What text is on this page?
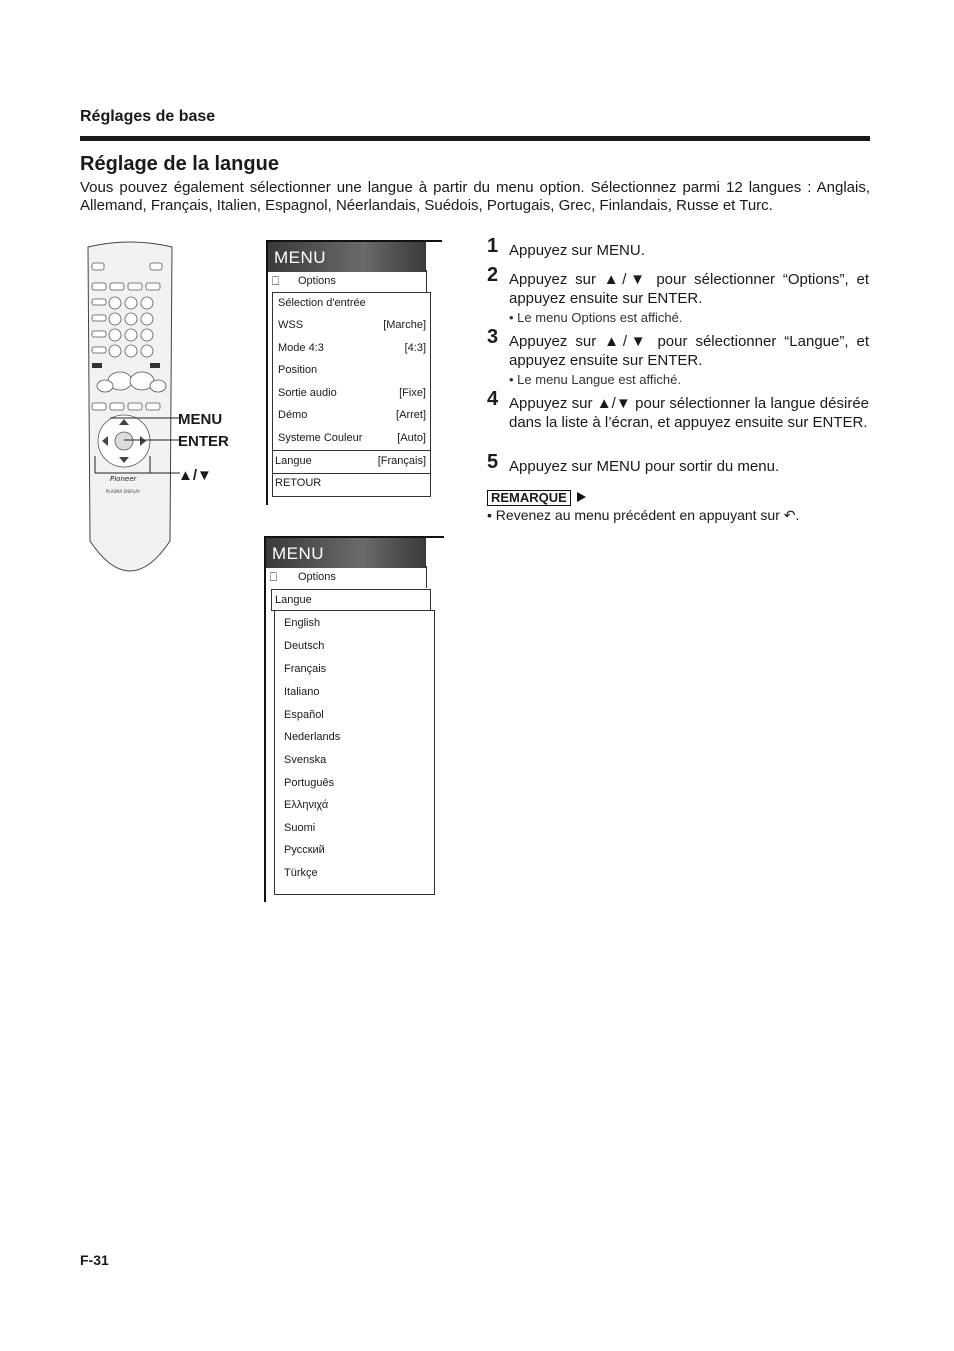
Réglages de base
Réglage de la langue
Vous pouvez également sélectionner une langue à partir du menu option. Sélectionnez parmi 12 langues : Anglais, Allemand, Français, Italien, Espagnol, Néerlandais, Suédois, Portugais, Grec, Finlandais, Russe et Turc.
Pioneer
PLASMA DISPLAY
MENU
ENTER
▲/▼
MENU
⎕ Options
Sélection d'entrée
WSS	[Marche]
Mode 4:3	[4:3]
Position
Sortie audio	[Fixe]
Démo	[Arret]
Systeme Couleur	[Auto]
Langue	[Français]
RETOUR
MENU
⎕ Options
Langue
English
Deutsch
Français
Italiano
Español
Nederlands
Svenska
Português
Ελληνιχά
Suomi
Русский
Türkçe
1 Appuyez sur MENU.
2 Appuyez sur ▲/▼ pour sélectionner “Options”, et appuyez ensuite sur ENTER.
• Le menu Options est affiché.
3 Appuyez sur ▲/▼ pour sélectionner “Langue”, et appuyez ensuite sur ENTER.
• Le menu Langue est affiché.
4 Appuyez sur ▲/▼ pour sélectionner la langue désirée dans la liste à l’écran, et appuyez ensuite sur ENTER.
5 Appuyez sur MENU pour sortir du menu.
REMARQUE
• Revenez au menu précédent en appuyant sur ↶.
F-31
